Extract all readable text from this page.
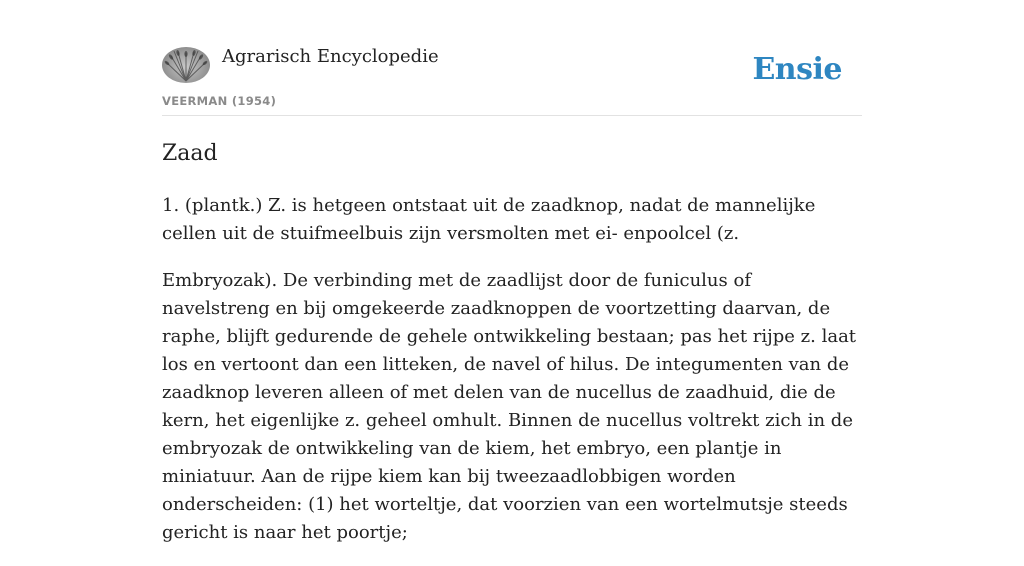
Agrarisch Encyclopedie	Ensie
VEERMAN (1954)
Zaad

1. (plantk.) Z. is hetgeen ontstaat uit de zaadknop, nadat de mannelijke cellen uit de stuifmeelbuis zijn versmolten met ei- enpoolcel (z.

Embryozak). De verbinding met de zaadlijst door de funiculus of navelstreng en bij omgekeerde zaadknoppen de voortzetting daarvan, de raphe, blijft gedurende de gehele ontwikkeling bestaan; pas het rijpe z. laat los en vertoont dan een litteken, de navel of hilus. De integumenten van de zaadknop leveren alleen of met delen van de nucellus de zaadhuid, die de kern, het eigenlijke z. geheel omhult. Binnen de nucellus voltrekt zich in de embryozak de ontwikkeling van de kiem, het embryo, een plantje in miniatuur. Aan de rijpe kiem kan bij tweezaadlobbigen worden onderscheiden: (1) het worteltje, dat voorzien van een wortelmutsje steeds gericht is naar het poortje;
